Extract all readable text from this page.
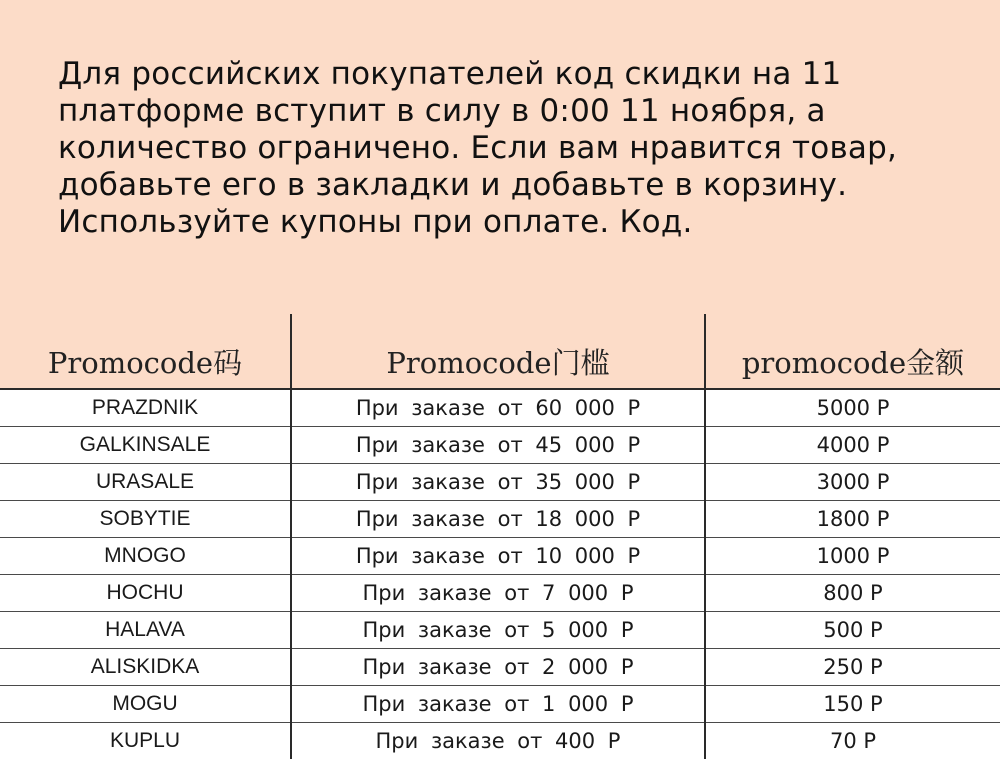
Для российских покупателей код скидки на 11
платформе вступит в силу в 0:00 11 ноября, а
количество ограничено. Если вам нравится товар,
добавьте его в закладки и добавьте в корзину.
Используйте купоны при оплате. Код.

Promocode码	Promocode门槛	promocode金额
PRAZDNIK	При заказе от 60 000 Р	5000 Р
GALKINSALE	При заказе от 45 000 Р	4000 Р
URASALE	При заказе от 35 000 Р	3000 Р
SOBYTIE	При заказе от 18 000 Р	1800 Р
MNOGO	При заказе от 10 000 Р	1000 Р
HOCHU	При заказе от 7 000 Р	800 Р
HALAVA	При заказе от 5 000 Р	500 Р
ALISKIDKA	При заказе от 2 000 Р	250 Р
MOGU	При заказе от 1 000 Р	150 Р
KUPLU	При заказе от 400 Р	70 Р
